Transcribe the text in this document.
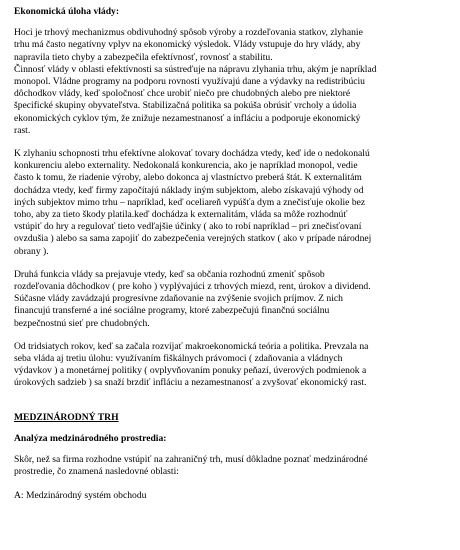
Ekonomická úloha vlády:
Hoci je trhový mechanizmus obdivuhodný spôsob výroby a rozdeľovania statkov, zlyhanie
trhu má často negatívny vplyv na ekonomický výsledok. Vlády vstupuje do hry vlády, aby
napravila tieto chyby a zabezpečila efektívnosť, rovnosť a stabilitu.
Činnosť vlády v oblasti efektívnosti sa sústreďuje na nápravu zlyhania trhu, akým je napríklad
monopol. Vládne programy na podporu rovnosti využívajú dane a výdavky na redistribúciu
dôchodkov vlády, keď spoločnosť chce urobiť niečo pre chudobných alebo pre niektoré
špecifické skupiny obyvateľstva. Stabilizačná politika sa pokúša obrúsiť vrcholy a údolia
ekonomických cyklov tým, že znižuje nezamestnanosť a infláciu a podporuje ekonomický
rast.
K zlyhaniu schopnosti trhu efektívne alokovať tovary dochádza vtedy, keď ide o nedokonalú
konkurenciu alebo externality. Nedokonalá konkurencia, ako je napríklad monopol, vedie
často k tomu, že riadenie výroby, alebo dokonca aj vlastníctvo preberá štát. K externalitám
dochádza vtedy, keď firmy započítajú náklady iným subjektom, alebo získavajú výhody od
iných subjektov mimo trhu – napríklad, keď oceliareň vypúšťa dym a znečisťuje okolie bez
toho, aby za tieto škody platila.keď dochádza k externalitám, vláda sa môže rozhodnúť
vstúpiť do hry a regulovať tieto vedľajšie účinky ( ako to robí napríklad – pri znečisťovaní
ovzdušia ) alebo sa sama zapojiť do zabezpečenia verejných statkov ( ako v prípade národnej
obrany ).
Druhá funkcia vlády sa prejavuje vtedy, keď sa občania rozhodnú zmeniť spôsob
rozdeľovania dôchodkov ( pre koho ) vyplývajúci z trhových miezd, rent, úrokov a dividend.
Súčasne vlády zavádzajú progresívne zdaňovanie na zvýšenie svojich príjmov. Z nich
financujú transferné a iné sociálne programy, ktoré zabezpečujú finančnú sociálnu
bezpečnostnú sieť pre chudobných.
Od tridsiatych rokov, keď sa začala rozvíjať makroekonomická teória a politika. Prevzala na
seba vláda aj tretiu úlohu: využívaním fiškálnych právomoci ( zdaňovania a vládnych
výdavkov ) a monetárnej politiky ( ovplyvňovaním ponuky peňazí, úverových podmienok a
úrokových sadzieb ) sa snaží brzdiť infláciu a nezamestnanosť a zvyšovať ekonomický rast.
MEDZINÁRODNÝ TRH
Analýza medzinárodného prostredia:
Skôr, než sa firma rozhodne vstúpiť na zahraničný trh, musí dôkladne poznať medzinárodné
prostredie, čo znamená nasledovné oblasti:
A: Medzinárodný systém obchodu
